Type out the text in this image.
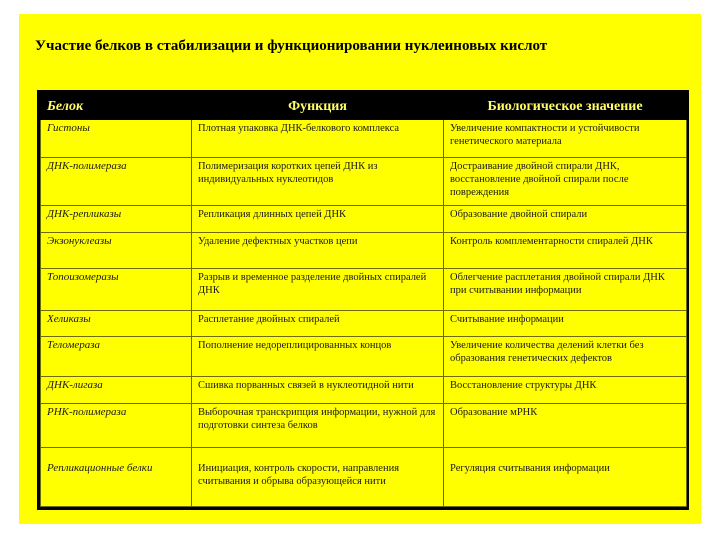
Участие белков в стабилизации и функционировании нуклеиновых кислот
Белок	Функция	Биологическое значение
Гистоны	Плотная упаковка ДНК-белкового комплекса	Увеличение компактности и устойчивости генетического материала
ДНК-полимераза	Полимеризация коротких цепей ДНК из индивидуальных нуклеотидов	Достраивание двойной спирали ДНК, восстановление двойной спирали после повреждения
ДНК-репликазы	Репликация длинных цепей ДНК	Образование двойной спирали
Экзонуклеазы	Удаление дефектных участков цепи	Контроль комплементарности спиралей ДНК
Топоизомеразы	Разрыв и временное разделение двойных спиралей ДНК	Облегчение расплетания двойной спирали ДНК при считывании информации
Хеликазы	Расплетание двойных спиралей	Считывание информации
Теломераза	Пополнение недореплицированных концов	Увеличение количества делений клетки без образования генетических дефектов
ДНК-лигаза	Сшивка порванных связей в нуклеотидной нити	Восстановление структуры ДНК
РНК-полимераза	Выборочная транскрипция информации, нужной для подготовки синтеза белков	Образование мРНК
Репликационные белки	Инициация, контроль скорости, направления считывания и обрыва образующейся нити	Регуляция считывания информации
